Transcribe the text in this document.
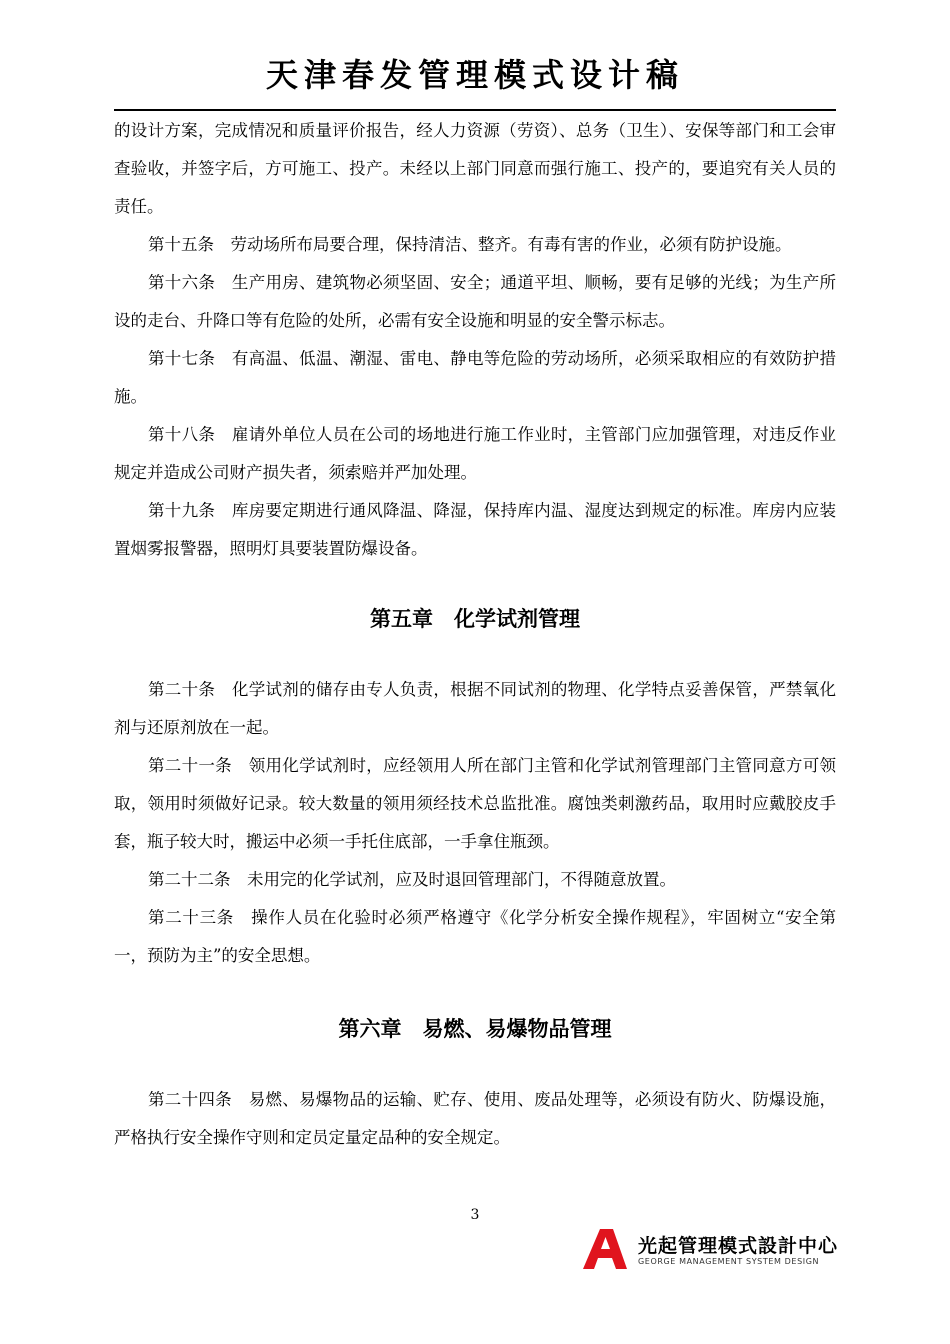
天津春发管理模式设计稿

的设计方案，完成情况和质量评价报告，经人力资源（劳资）、总务（卫生）、安保等部门和工会审查验收，并签字后，方可施工、投产。未经以上部门同意而强行施工、投产的，要追究有关人员的责任。

第十五条　劳动场所布局要合理，保持清洁、整齐。有毒有害的作业，必须有防护设施。

第十六条　生产用房、建筑物必须坚固、安全；通道平坦、顺畅，要有足够的光线；为生产所设的走台、升降口等有危险的处所，必需有安全设施和明显的安全警示标志。

第十七条　有高温、低温、潮湿、雷电、静电等危险的劳动场所，必须采取相应的有效防护措施。

第十八条　雇请外单位人员在公司的场地进行施工作业时，主管部门应加强管理，对违反作业规定并造成公司财产损失者，须索赔并严加处理。

第十九条　库房要定期进行通风降温、降湿，保持库内温、湿度达到规定的标准。库房内应装置烟雾报警器，照明灯具要装置防爆设备。

第五章　化学试剂管理

第二十条　化学试剂的储存由专人负责，根据不同试剂的物理、化学特点妥善保管，严禁氧化剂与还原剂放在一起。

第二十一条　领用化学试剂时，应经领用人所在部门主管和化学试剂管理部门主管同意方可领取，领用时须做好记录。较大数量的领用须经技术总监批准。腐蚀类刺激药品，取用时应戴胶皮手套，瓶子较大时，搬运中必须一手托住底部，一手拿住瓶颈。

第二十二条　未用完的化学试剂，应及时退回管理部门，不得随意放置。

第二十三条　操作人员在化验时必须严格遵守《化学分析安全操作规程》，牢固树立“安全第一，预防为主”的安全思想。

第六章　易燃、易爆物品管理

第二十四条　易燃、易爆物品的运输、贮存、使用、废品处理等，必须设有防火、防爆设施，严格执行安全操作守则和定员定量定品种的安全规定。

3
光起管理模式設計中心
GEORGE MANAGEMENT SYSTEM DESIGN
